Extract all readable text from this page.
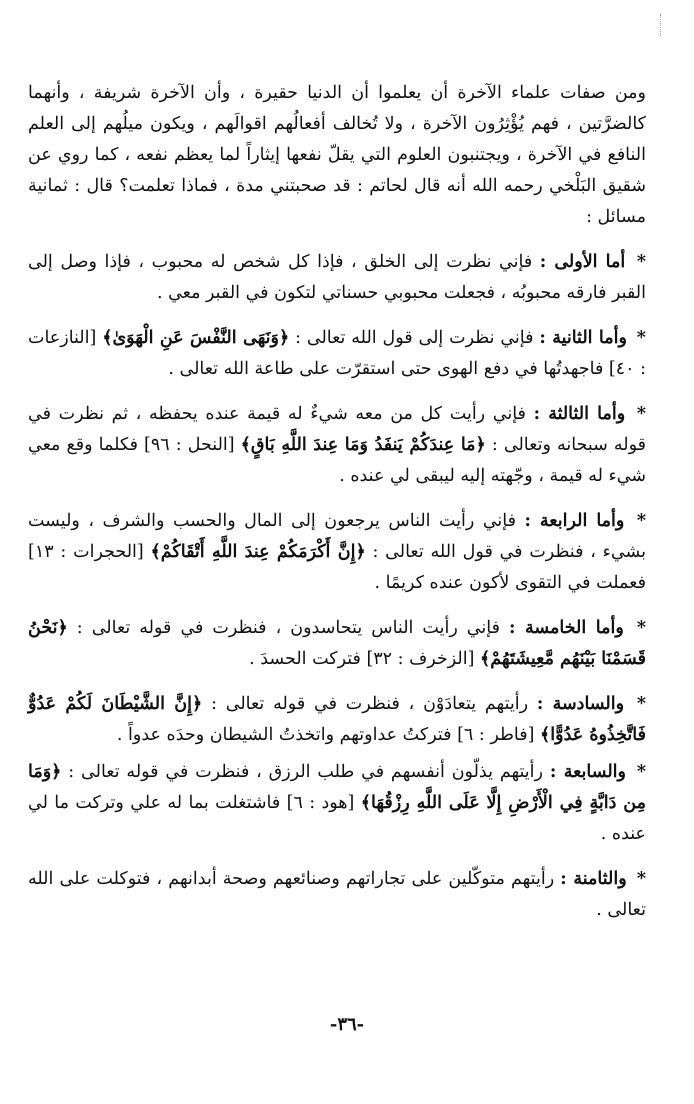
ومن صفات علماء الآخرة أن يعلموا أن الدنيا حقيرة ، وأن الآخرة شريفة ، وأنهما كالضرَّتين ، فهم يُؤْثِرُون الآخرة ، ولا تُخالف أفعالُهم اقوالَهم ، ويكون ميلُهم إلى العلم النافع في الآخرة ، ويجتنبون العلوم التي يقلّ نفعها إيثاراً لما يعظم نفعه ، كما روي عن شقيق البَلْخي رحمه الله أنه قال لحاتم : قد صحبتني مدة ، فماذا تعلمت؟ قال : ثمانية مسائل :

* أما الأولى : فإني نظرت إلى الخلق ، فإذا كل شخص له محبوب ، فإذا وصل إلى القبر فارقه محبوبُه ، فجعلت محبوبي حسناتي لتكون في القبر معي .

* وأما الثانية : فإني نظرت إلى قول الله تعالى : ﴿وَنَهَى النَّفْسَ عَنِ الْهَوَىٰ﴾ [النازعات : ٤٠] فاجهدتُها في دفع الهوى حتى استقرّت على طاعة الله تعالى .

* وأما الثالثة : فإني رأيت كل من معه شيءٌ له قيمة عنده يحفظه ، ثم نظرت في قوله سبحانه وتعالى : ﴿مَا عِندَكُمْ يَنفَدُ وَمَا عِندَ اللَّهِ بَاقٍ﴾ [النحل : ٩٦] فكلما وقع معي شيء له قيمة ، وجّهته إليه ليبقى لي عنده .

* وأما الرابعة : فإني رأيت الناس يرجعون إلى المال والحسب والشرف ، وليست بشيء ، فنظرت في قول الله تعالى : ﴿إِنَّ أَكْرَمَكُمْ عِندَ اللَّهِ أَتْقَاكُمْ﴾ [الحجرات : ١٣] فعملت في التقوى لأكون عنده كريمًا .

* وأما الخامسة : فإني رأيت الناس يتحاسدون ، فنظرت في قوله تعالى : ﴿نَحْنُ قَسَمْنَا بَيْنَهُم مَّعِيشَتَهُمْ﴾ [الزخرف : ٣٢] فتركت الحسدَ .

* والسادسة : رأيتهم يتعادَوْن ، فنظرت في قوله تعالى : ﴿إِنَّ الشَّيْطَانَ لَكُمْ عَدُوٌّ فَاتَّخِذُوهُ عَدُوًّا﴾ [فاطر : ٦] فتركتُ عداوتهم واتخذتُ الشيطان وحدَه عدواً .

* والسابعة : رأيتهم يذلّون أنفسهم في طلب الرزق ، فنظرت في قوله تعالى : ﴿وَمَا مِن دَابَّةٍ فِي الْأَرْضِ إِلَّا عَلَى اللَّهِ رِزْقُهَا﴾ [هود : ٦] فاشتغلت بما له علي وتركت ما لي عنده .

* والثامنة : رأيتهم متوكّلين على تجاراتهم وصنائعهم وصحة أبدانهم ، فتوكلت على الله تعالى .

-٣٦-
